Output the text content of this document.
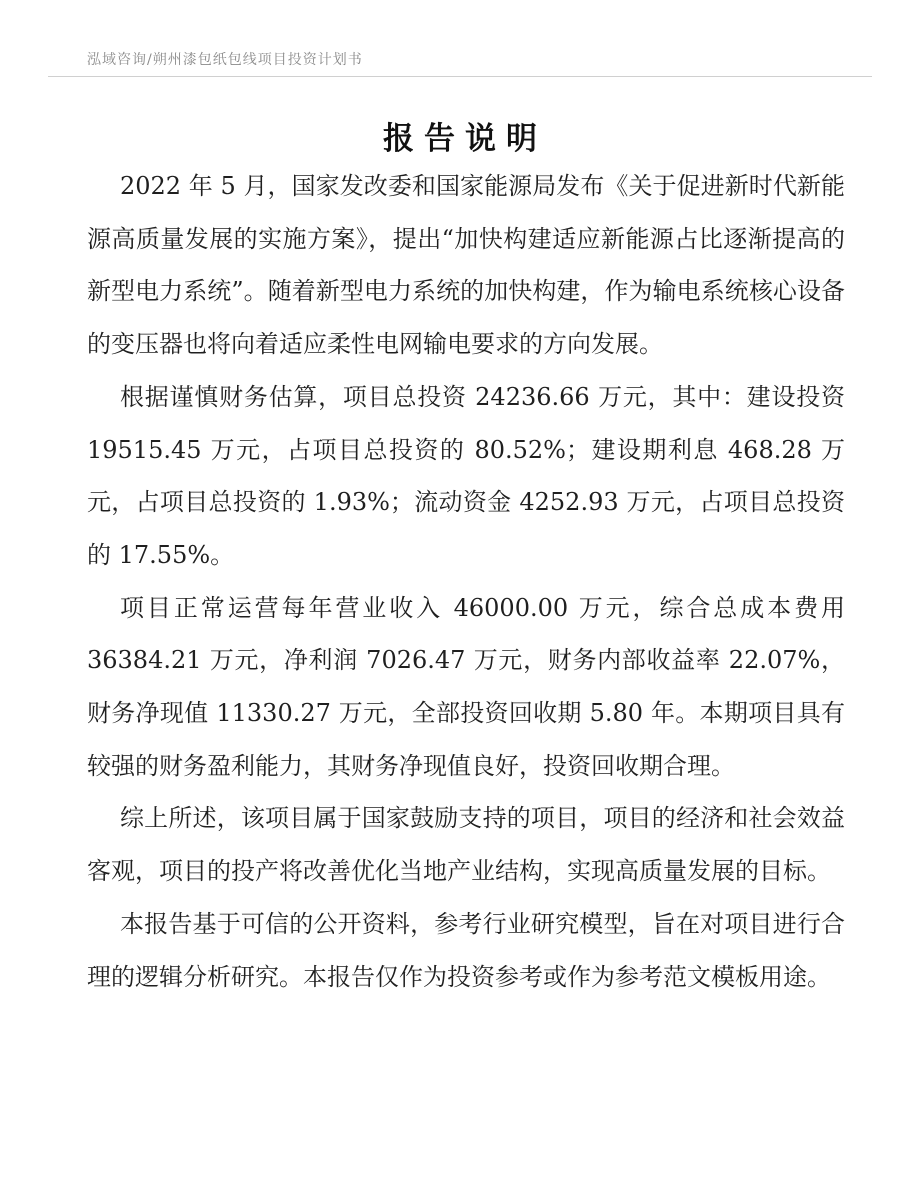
泓域咨询/朔州漆包纸包线项目投资计划书
报告说明

2022 年 5 月，国家发改委和国家能源局发布《关于促进新时代新能源高质量发展的实施方案》，提出“加快构建适应新能源占比逐渐提高的新型电力系统”。随着新型电力系统的加快构建，作为输电系统核心设备的变压器也将向着适应柔性电网输电要求的方向发展。

根据谨慎财务估算，项目总投资 24236.66 万元，其中：建设投资 19515.45 万元，占项目总投资的 80.52%；建设期利息 468.28 万元，占项目总投资的 1.93%；流动资金 4252.93 万元，占项目总投资的 17.55%。

项目正常运营每年营业收入 46000.00 万元，综合总成本费用 36384.21 万元，净利润 7026.47 万元，财务内部收益率 22.07%，财务净现值 11330.27 万元，全部投资回收期 5.80 年。本期项目具有较强的财务盈利能力，其财务净现值良好，投资回收期合理。

综上所述，该项目属于国家鼓励支持的项目，项目的经济和社会效益客观，项目的投产将改善优化当地产业结构，实现高质量发展的目标。

本报告基于可信的公开资料，参考行业研究模型，旨在对项目进行合理的逻辑分析研究。本报告仅作为投资参考或作为参考范文模板用途。
